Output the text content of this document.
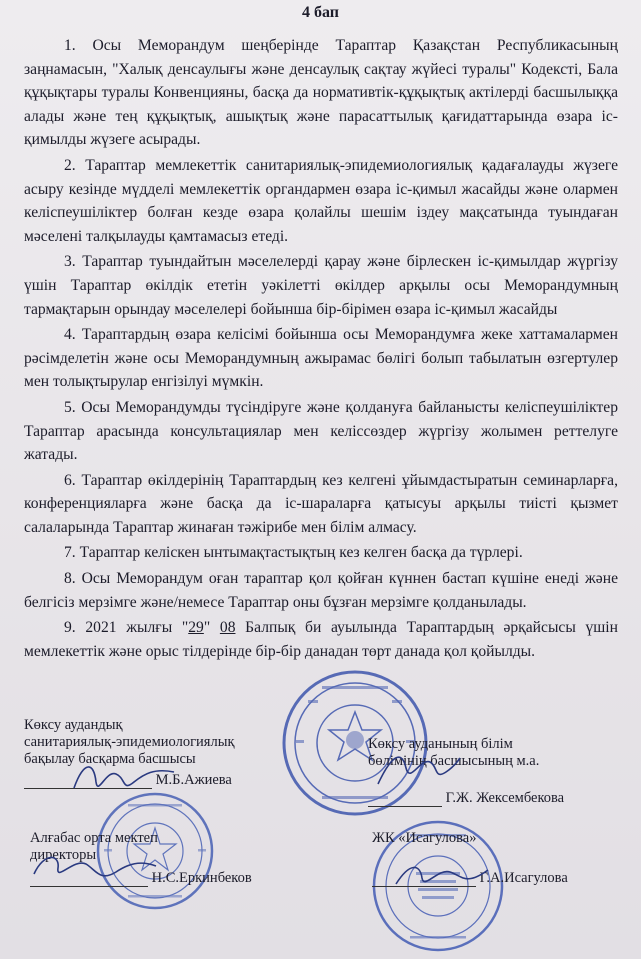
4 бап

1. Осы Меморандум шеңберінде Тараптар Қазақстан Республикасының заңнамасын, "Халық денсаулығы және денсаулық сақтау жүйесі туралы" Кодексті, Бала құқықтары туралы Конвенцияны, басқа да нормативтік-құқықтық актілерді басшылыққа алады және тең құқықтық, ашықтық және парасаттылық қағидаттарында өзара іс-қимылды жүзеге асырады.

2. Тараптар мемлекеттік санитариялық-эпидемиологиялық қадағалауды жүзеге асыру кезінде мүдделі мемлекеттік органдармен өзара іс-қимыл жасайды және олармен келіспеушіліктер болған кезде өзара қолайлы шешім іздеу мақсатында туындаған мәселені талқылауды қамтамасыз етеді.

3. Тараптар туындайтын мәселелерді қарау және бірлескен іс-қимылдар жүргізу үшін Тараптар өкілдік ететін уәкілетті өкілдер арқылы осы Меморандумның тармақтарын орындау мәселелері бойынша бір-бірімен өзара іс-қимыл жасайды

4. Тараптардың өзара келісімі бойынша осы Меморандумға жеке хаттамалармен рәсімделетін және осы Меморандумның ажырамас бөлігі болып табылатын өзгертулер мен толықтырулар енгізілуі мүмкін.

5. Осы Меморандумды түсіндіруге және қолдануға байланысты келіспеушіліктер Тараптар арасында консультациялар мен келіссөздер жүргізу жолымен реттелуге жатады.

6. Тараптар өкілдерінің Тараптардың кез келгені ұйымдастыратын семинарларға, конференцияларға және басқа да іс-шараларға қатысуы арқылы тиісті қызмет салаларында Тараптар жинаған тәжірибе мен білім алмасу.

7. Тараптар келіскен ынтымақтастықтың кез келген басқа да түрлері.

8. Осы Меморандум оған тараптар қол қойған күннен бастап күшіне енеді және белгісіз мерзімге және/немесе Тараптар оны бұзған мерзімге қолданылады.

9. 2021 жылғы "29" 08 Балпық би ауылында Тараптардың әрқайсысы үшін мемлекеттік және орыс тілдерінде бір-бір данадан төрт данада қол қойылды.

Көксу аудандық
санитариялық-эпидемиологиялық
бақылау басқарма басшысы
М.Б.Ажиева

Көксу ауданының білім
бөлімінің басшысының м.а.
Г.Ж. Жексембекова
Алғабас орта мектеп
директоры
Н.С.Еркинбеков
ЖК «Исагулова»
Г.А.Исагулова
